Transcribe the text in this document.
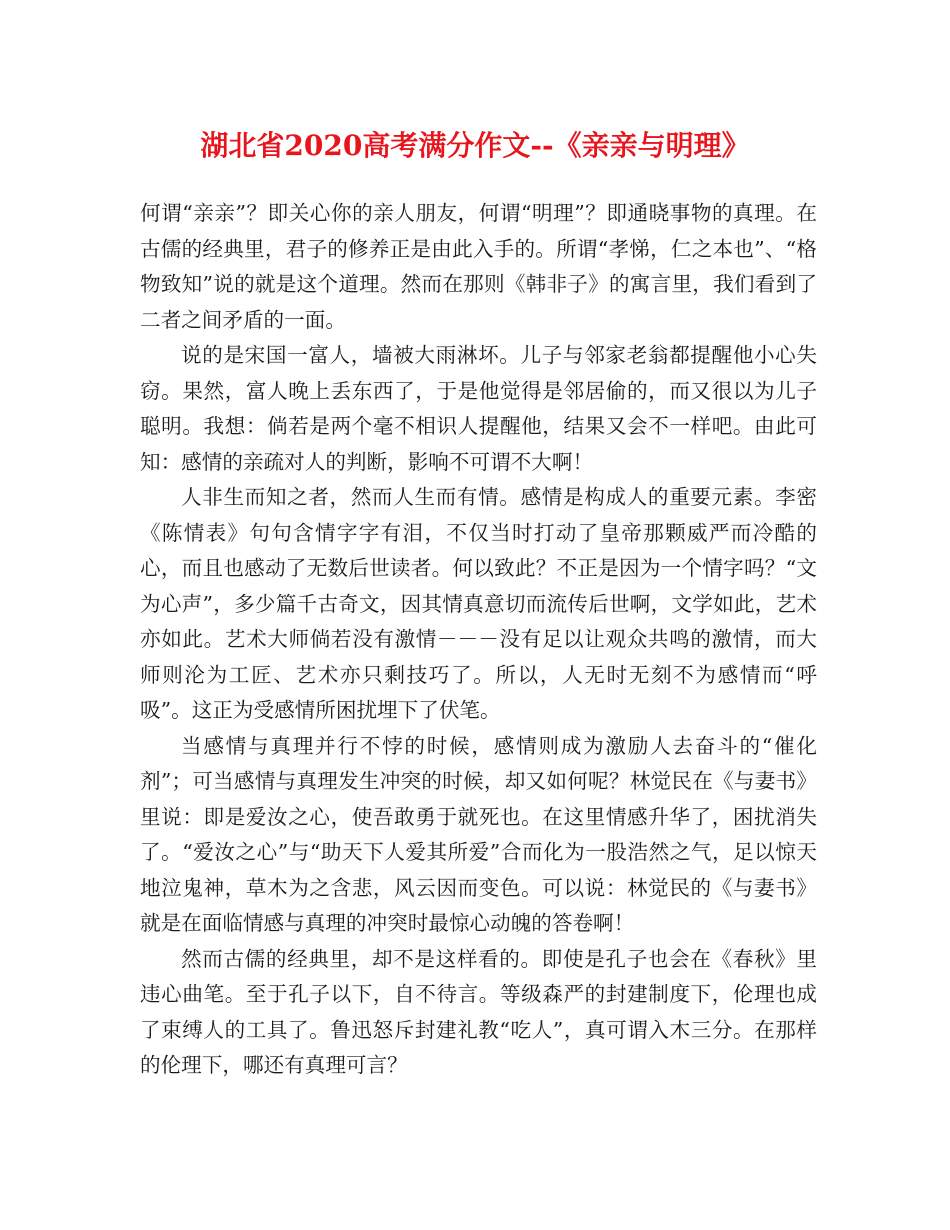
湖北省2020高考满分作文--《亲亲与明理》

何谓“亲亲”？即关心你的亲人朋友，何谓“明理”？即通晓事物的真理。在古儒的经典里，君子的修养正是由此入手的。所谓“孝悌，仁之本也”、“格物致知”说的就是这个道理。然而在那则《韩非子》的寓言里，我们看到了二者之间矛盾的一面。

说的是宋国一富人，墙被大雨淋坏。儿子与邻家老翁都提醒他小心失窃。果然，富人晚上丢东西了，于是他觉得是邻居偷的，而又很以为儿子聪明。我想：倘若是两个毫不相识人提醒他，结果又会不一样吧。由此可知：感情的亲疏对人的判断，影响不可谓不大啊！

人非生而知之者，然而人生而有情。感情是构成人的重要元素。李密《陈情表》句句含情字字有泪，不仅当时打动了皇帝那颗威严而冷酷的心，而且也感动了无数后世读者。何以致此？不正是因为一个情字吗？“文为心声”，多少篇千古奇文，因其情真意切而流传后世啊，文学如此，艺术亦如此。艺术大师倘若没有激情－－－没有足以让观众共鸣的激情，而大师则沦为工匠、艺术亦只剩技巧了。所以，人无时无刻不为感情而“呼吸”。这正为受感情所困扰埋下了伏笔。

当感情与真理并行不悖的时候，感情则成为激励人去奋斗的“催化剂”；可当感情与真理发生冲突的时候，却又如何呢？林觉民在《与妻书》里说：即是爱汝之心，使吾敢勇于就死也。在这里情感升华了，困扰消失了。“爱汝之心”与“助天下人爱其所爱”合而化为一股浩然之气，足以惊天地泣鬼神，草木为之含悲，风云因而变色。可以说：林觉民的《与妻书》就是在面临情感与真理的冲突时最惊心动魄的答卷啊！

然而古儒的经典里，却不是这样看的。即使是孔子也会在《春秋》里违心曲笔。至于孔子以下，自不待言。等级森严的封建制度下，伦理也成了束缚人的工具了。鲁迅怒斥封建礼教“吃人”，真可谓入木三分。在那样的伦理下，哪还有真理可言？
